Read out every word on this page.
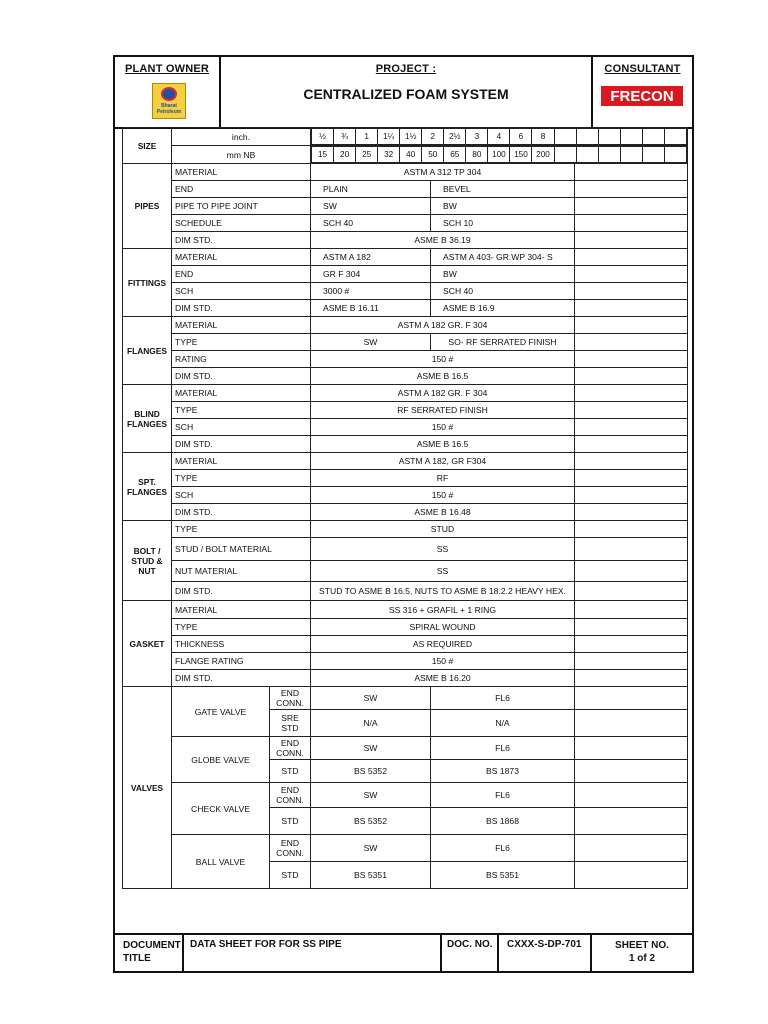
PLANT OWNER
Bharat Petroleum
PROJECT :
CENTRALIZED FOAM SYSTEM
CONSULTANT
FRECON
SIZE	inch.		½	¾	1	1¼	1½	2	2½	3	4	6	8						

mm NB		15	20	25	32	40	50	65	80	100	150	200						

PIPES	MATERIAL	ASTM A 312 TP 304	
END	PLAIN	BEVEL	
PIPE TO PIPE JOINT	SW	BW	
SCHEDULE	SCH 40	SCH 10	
DIM STD.	ASME B 36.19	
FITTINGS	MATERIAL	ASTM A 182	ASTM A 403- GR.WP 304- S	
END	GR F 304	BW	
SCH	3000 #	SCH 40	
DIM STD.	ASME B 16.11	ASME B 16.9	
FLANGES	MATERIAL	ASTM A 182 GR. F 304	
TYPE	SW	SO- RF SERRATED FINISH	
RATING	150 #	
DIM STD.	ASME B 16.5	
BLIND FLANGES	MATERIAL	ASTM A 182 GR. F 304	
TYPE	RF SERRATED FINISH	
SCH	150 #	
DIM STD.	ASME B 16.5	
SPT. FLANGES	MATERIAL	ASTM A 182, GR F304	
TYPE	RF	
SCH	150 #	
DIM STD.	ASME B 16.48	
BOLT / STUD & NUT	TYPE	STUD	
STUD / BOLT MATERIAL	SS	
NUT MATERIAL	SS	
DIM STD.	STUD TO ASME B 16.5, NUTS TO ASME B 18.2.2 HEAVY HEX.	
GASKET	MATERIAL	SS 316 + GRAFIL + 1 RING	
TYPE	SPIRAL WOUND	
THICKNESS	AS REQUIRED	
FLANGE RATING	150 #	
DIM STD.	ASME B 16.20	
VALVES	GATE VALVE	END CONN.	SW	FL6	
SRE STD	N/A	N/A	
GLOBE VALVE	END CONN.	SW	FL6	
STD	BS 5352	BS 1873	
CHECK VALVE	END CONN.	SW	FL6	
STD	BS 5352	BS 1868	
BALL VALVE	END CONN.	SW	FL6	
STD	BS 5351	BS 5351	
DOCUMENT TITLE
DATA SHEET FOR FOR SS PIPE	DOC. NO.	CXXX-S-DP-701	SHEET NO.
1 of 2
